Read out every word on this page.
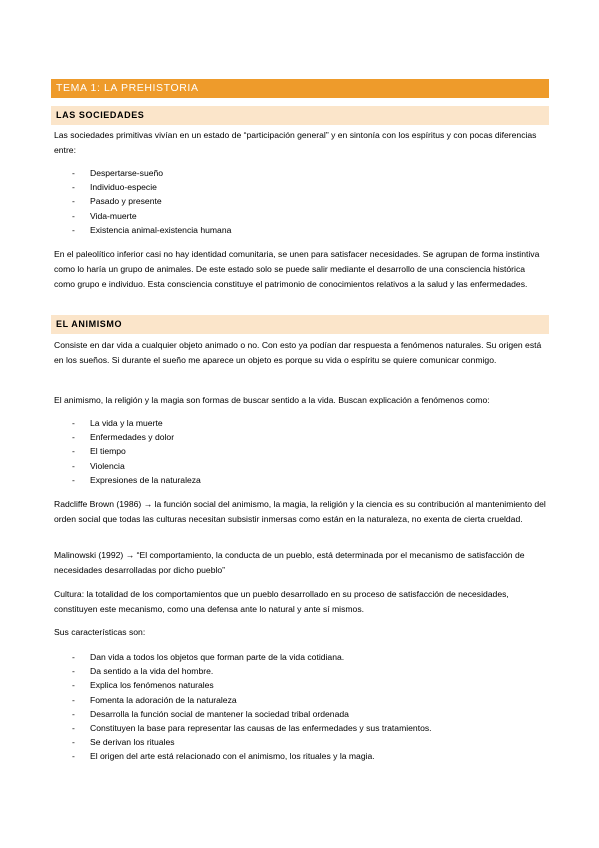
TEMA 1: LA PREHISTORIA
LAS SOCIEDADES

Las sociedades primitivas vivían en un estado de “participación general” y en sintonía con los espíritus y con pocas diferencias entre:

- Despertarse-sueño
- Individuo-especie
- Pasado y presente
- Vida-muerte
- Existencia animal-existencia humana

En el paleolítico inferior casi no hay identidad comunitaria, se unen para satisfacer necesidades. Se agrupan de forma instintiva como lo haría un grupo de animales. De este estado solo se puede salir mediante el desarrollo de una consciencia histórica como grupo e individuo. Esta consciencia constituye el patrimonio de conocimientos relativos a la salud y las enfermedades.

EL ANIMISMO

Consiste en dar vida a cualquier objeto animado o no. Con esto ya podían dar respuesta a fenómenos naturales. Su origen está en los sueños. Si durante el sueño me aparece un objeto es porque su vida o espíritu se quiere comunicar conmigo.

El animismo, la religión y la magia son formas de buscar sentido a la vida. Buscan explicación a fenómenos como:

- La vida y la muerte
- Enfermedades y dolor
- El tiempo
- Violencia
- Expresiones de la naturaleza

Radcliffe Brown (1986) → la función social del animismo, la magia, la religión y la ciencia es su contribución al mantenimiento del orden social que todas las culturas necesitan subsistir inmersas como están en la naturaleza, no exenta de cierta crueldad.

Malinowski (1992) → “El comportamiento, la conducta de un pueblo, está determinada por el mecanismo de satisfacción de necesidades desarrolladas por dicho pueblo”

Cultura: la totalidad de los comportamientos que un pueblo desarrollado en su proceso de satisfacción de necesidades, constituyen este mecanismo, como una defensa ante lo natural y ante sí mismos.

Sus características son:

- Dan vida a todos los objetos que forman parte de la vida cotidiana.
- Da sentido a la vida del hombre.
- Explica los fenómenos naturales
- Fomenta la adoración de la naturaleza
- Desarrolla la función social de mantener la sociedad tribal ordenada
- Constituyen la base para representar las causas de las enfermedades y sus tratamientos.
- Se derivan los rituales
- El origen del arte está relacionado con el animismo, los rituales y la magia.
